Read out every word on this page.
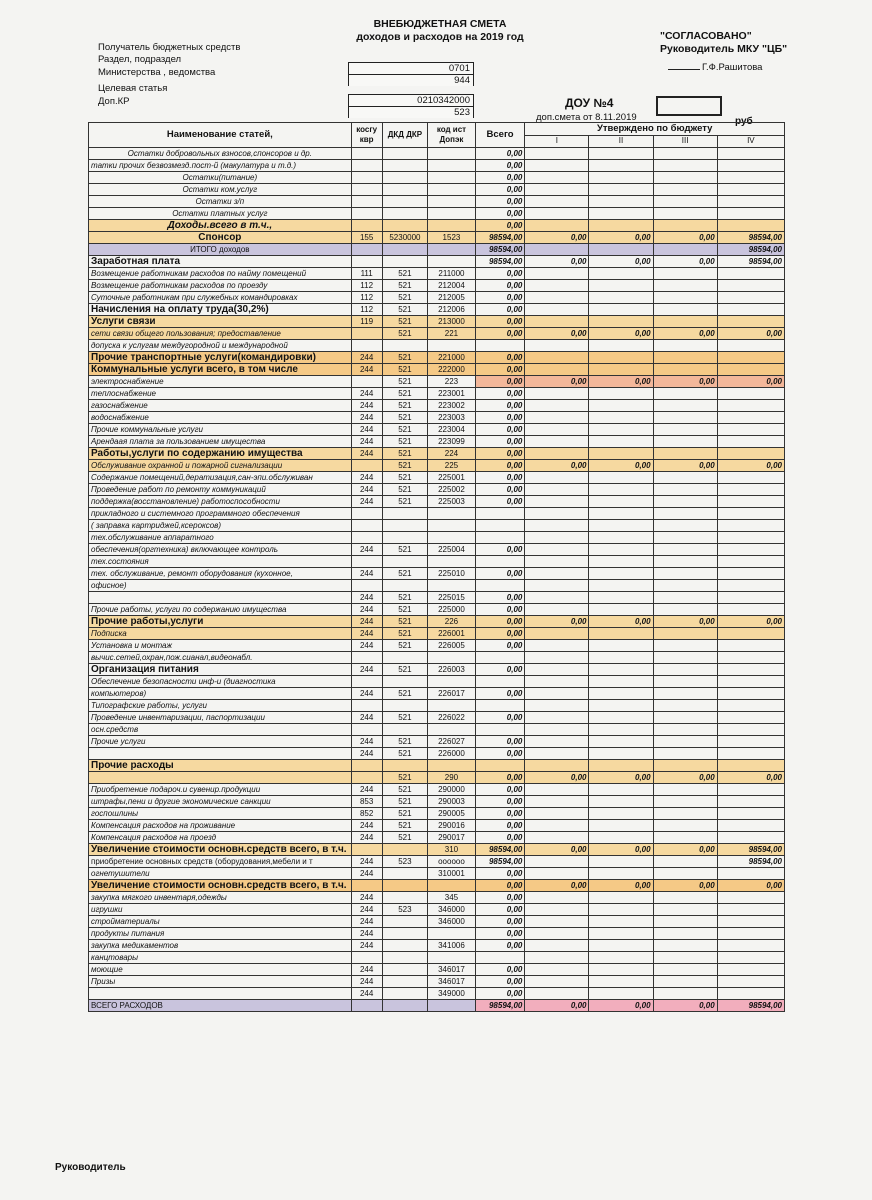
ВНЕБЮДЖЕТНАЯ СМЕТА
доходов и расходов на 2019 год	"СОГЛАСОВАНО"
Руководитель МКУ "ЦБ"
Г.Ф.Рашитова
Получатель бюджетных средств
Раздел, подраздел
Министерства , ведомства
Целевая статья
Доп.КР
0701
944
0210342000
523
ДОУ №4
доп.смета от 8.11.2019	руб
Наименование статей,	косгу квр	ДКД ДКР	код ист Допэк	Всего	Утверждено по бюджету			
					I	II	III	IV
Остатки добровольных взносов,спонсоров и др.				0,00				
татки прочих безвозмезд.пост-й (макулатура и т.д.)				0,00				
Остатки(питание)				0,00				
Остатки ком.услуг				0,00				
Остатки з/п				0,00				
Остатки платных услуг				0,00				
Доходы.всего в т.ч.,				0,00				
Спонсор	155	5230000	1523	98594,00	0,00	0,00	0,00	98594,00
ИТОГО доходов				98594,00				98594,00
Заработная плата				98594,00	0,00	0,00	0,00	98594,00
Возмещение работникам расходов по найму помещений	111	521	211000	0,00				
Возмещение работникам расходов по проезду	112	521	212004	0,00				
Суточные работникам при служебных командировках	112	521	212005	0,00				
Начисления на оплату труда(30,2%)	112	521	212006	0,00				
Услуги связи	119	521	213000	0,00				
сети связи общего пользования; предоставление		521	221	0,00	0,00	0,00	0,00	0,00
допуска к услугам междугородной и международной								
Прочие транспортные услуги(командировки)	244	521	221000	0,00				
Коммунальные услуги всего, в том числе	244	521	222000	0,00				
электроснабжение		521	223	0,00	0,00	0,00	0,00	0,00
теплоснабжение	244	521	223001	0,00				
газоснабжение	244	521	223002	0,00				
водоснабжение	244	521	223003	0,00				
Прочие коммунальные услуги	244	521	223004	0,00				
Арендаая плата за пользованием имущества	244	521	223099	0,00				
Работы,услуги по содержанию имущества	244	521	224	0,00				
Обслуживание охранной и пожарной сигнализации		521	225	0,00	0,00	0,00	0,00	0,00
Содержание помещений,дератизация,сан-эпи.обслуживан	244	521	225001	0,00				
Проведение работ по ремонту коммуникаций	244	521	225002	0,00				
поддержка(восстановление) работоспособности	244	521	225003	0,00				
прикладного и системного программного обеспечения								
( заправка картриджей,ксероксов)								
тех.обслуживание аппаратного								
обеспечения(оргтехника) включающее контроль	244	521	225004	0,00				
тех.состояния								
тех. обслуживание, ремонт оборудования (кухонное,	244	521	225010	0,00				
офисное)								
	244	521	225015	0,00				
Прочие работы, услуги по содержанию имущества	244	521	225000	0,00				
Прочие работы,услуги	244	521	226	0,00	0,00	0,00	0,00	0,00
Подписка	244	521	226001	0,00				
Установка и монтаж	244	521	226005	0,00				
вычис.сетей,охран,пож.сианал,видеонабл.								
Организация питания	244	521	226003	0,00				
Обеспечение безопасности инф-и (диагностика								
компьютеров)	244	521	226017	0,00				
Типографские работы, услуги								
Проведение инвентаризации, паспортизации	244	521	226022	0,00				
осн.средств								
Прочие услуги	244	521	226027	0,00				
	244	521	226000	0,00				
Прочие расходы								
		521	290	0,00	0,00	0,00	0,00	0,00
Приобретение подароч.и сувенир.продукции	244	521	290000	0,00				
штрафы,пени и другие экономические санкции	853	521	290003	0,00				
госпошлины	852	521	290005	0,00				
Компенсация расходов на проживание	244	521	290016	0,00				
Компенсация расходов на проезд	244	521	290017	0,00				
Увеличение стоимости основн.средств всего, в т.ч.			310	98594,00	0,00	0,00	0,00	98594,00
приобретение основных средств (оборудования,мебели и т	244	523	оооооо	98594,00				98594,00
огнетушители	244		310001	0,00				
Увеличение стоимости основн.средств всего, в т.ч.				0,00	0,00	0,00	0,00	0,00
закупка мягкого инвентаря,одежды	244		345	0,00				
игрушки	244	523	346000	0,00				
стройматериалы	244		346000	0,00				
продукты питания	244			0,00				
закупка медикаментов	244		341006	0,00				
канцтовары								
моющие	244		346017	0,00				
Призы	244		346017	0,00				
	244		349000	0,00				
ВСЕГО РАСХОДОВ				98594,00	0,00	0,00	0,00	98594,00
Руководитель
